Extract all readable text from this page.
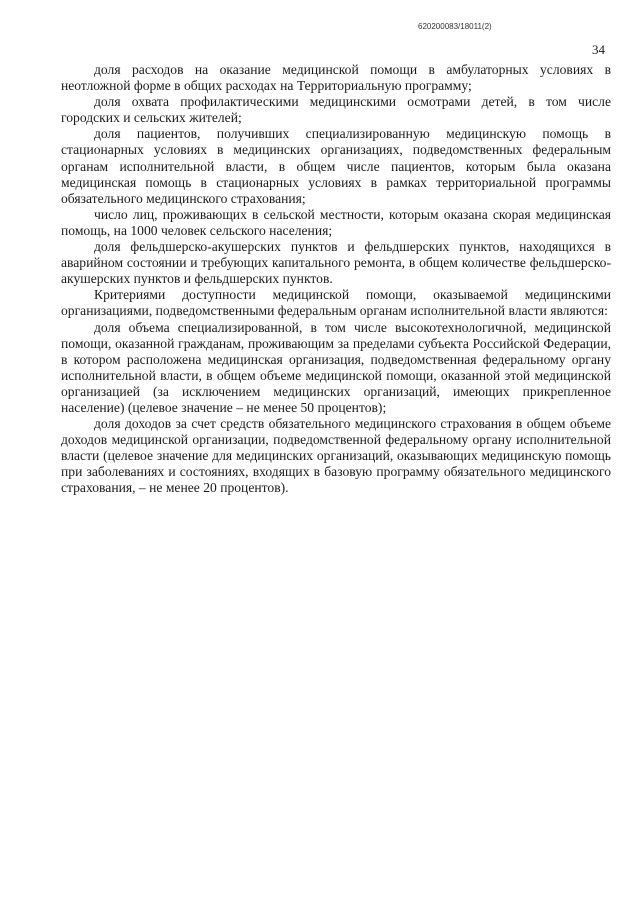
620200083/18011(2)
34

доля расходов на оказание медицинской помощи в амбулаторных условиях в неотложной форме в общих расходах на Территориальную программу;

доля охвата профилактическими медицинскими осмотрами детей, в том числе городских и сельских жителей;

доля пациентов, получивших специализированную медицинскую помощь в стационарных условиях в медицинских организациях, подведомственных федеральным органам исполнительной власти, в общем числе пациентов, которым была оказана медицинская помощь в стационарных условиях в рамках территориальной программы обязательного медицинского страхования;

число лиц, проживающих в сельской местности, которым оказана скорая медицинская помощь, на 1000 человек сельского населения;

доля фельдшерско-акушерских пунктов и фельдшерских пунктов, находящихся в аварийном состоянии и требующих капитального ремонта, в общем количестве фельдшерско-акушерских пунктов и фельдшерских пунктов.

Критериями доступности медицинской помощи, оказываемой медицинскими организациями, подведомственными федеральным органам исполнительной власти являются:

доля объема специализированной, в том числе высокотехнологичной, медицинской помощи, оказанной гражданам, проживающим за пределами субъекта Российской Федерации, в котором расположена медицинская организация, подведомственная федеральному органу исполнительной власти, в общем объеме медицинской помощи, оказанной этой медицинской организацией (за исключением медицинских организаций, имеющих прикрепленное население) (целевое значение – не менее 50 процентов);

доля доходов за счет средств обязательного медицинского страхования в общем объеме доходов медицинской организации, подведомственной федеральному органу исполнительной власти (целевое значение для медицинских организаций, оказывающих медицинскую помощь при заболеваниях и состояниях, входящих в базовую программу обязательного медицинского страхования, – не менее 20 процентов).
